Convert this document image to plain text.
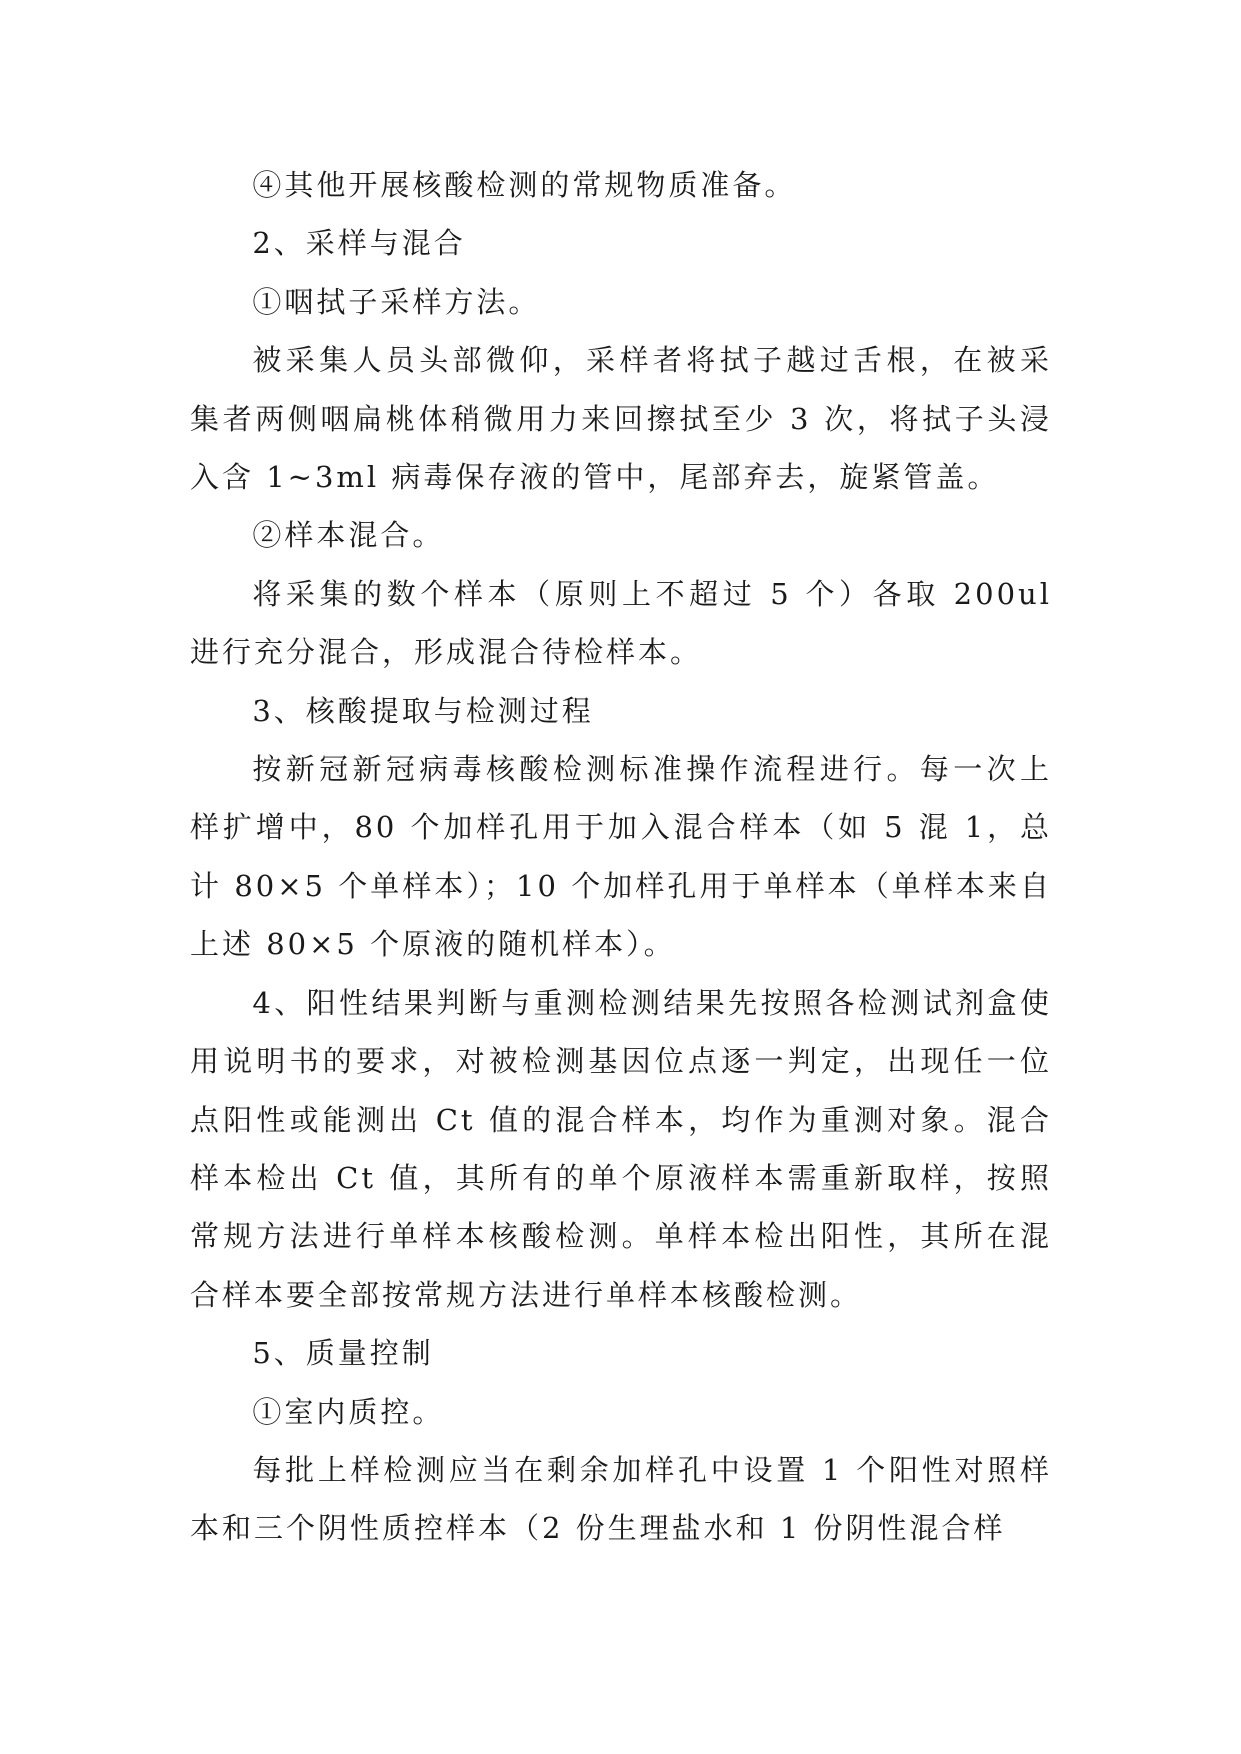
④其他开展核酸检测的常规物质准备。

2、采样与混合

①咽拭子采样方法。

被采集人员头部微仰，采样者将拭子越过舌根，在被采集者两侧咽扁桃体稍微用力来回擦拭至少 3 次，将拭子头浸入含 1~3ml 病毒保存液的管中，尾部弃去，旋紧管盖。

②样本混合。

将采集的数个样本（原则上不超过 5 个）各取 200ul 进行充分混合，形成混合待检样本。

3、核酸提取与检测过程

按新冠新冠病毒核酸检测标准操作流程进行。每一次上样扩增中，80 个加样孔用于加入混合样本（如 5 混 1，总计 80×5 个单样本）；10 个加样孔用于单样本（单样本来自上述 80×5 个原液的随机样本）。

4、阳性结果判断与重测检测结果先按照各检测试剂盒使用说明书的要求，对被检测基因位点逐一判定，出现任一位点阳性或能测出 Ct 值的混合样本，均作为重测对象。混合样本检出 Ct 值，其所有的单个原液样本需重新取样，按照常规方法进行单样本核酸检测。单样本检出阳性，其所在混合样本要全部按常规方法进行单样本核酸检测。

5、质量控制

①室内质控。

每批上样检测应当在剩余加样孔中设置 1 个阳性对照样本和三个阴性质控样本（2 份生理盐水和 1 份阴性混合样
